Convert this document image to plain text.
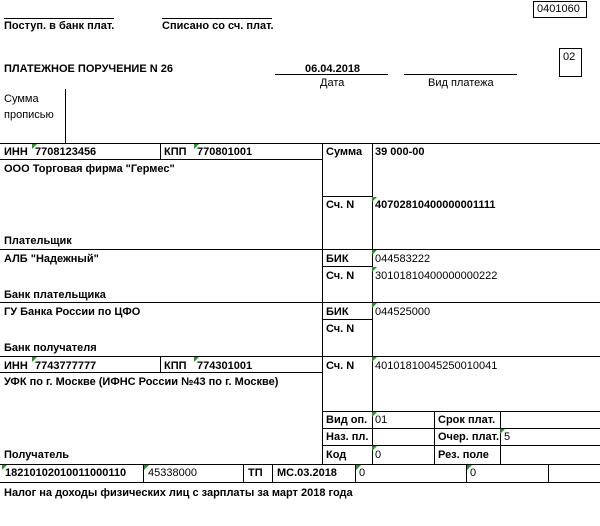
0401060
Поступ. в банк плат.	Списано со сч. плат.
02
ПЛАТЕЖНОЕ ПОРУЧЕНИЕ N 26	06.04.2018
Дата	Вид платежа
Сумма
прописью
ИНН 7708123456	КПП 770801001	Сумма 39 000-00
ООО Торговая фирма "Гермес"
Сч. N 40702810400000001111
Плательщик
АЛБ "Надежный"	БИК 044583222
Сч. N 30101810400000000222
Банк плательщика
ГУ Банка России по ЦФО	БИК 044525000
Сч. N
Банк получателя
ИНН 7743777777	КПП 774301001	Сч. N 40101810045250010041
УФК по г. Москве (ИФНС России №43 по г. Москве)
Вид оп. 01	Срок плат.
Наз. пл.	Очер. плат. 5
Код	0	Рез. поле
Получатель
18210102010011000110 45338000	ТП МС.03.2018 0	0
Налог на доходы физических лиц с зарплаты за март 2018 года
